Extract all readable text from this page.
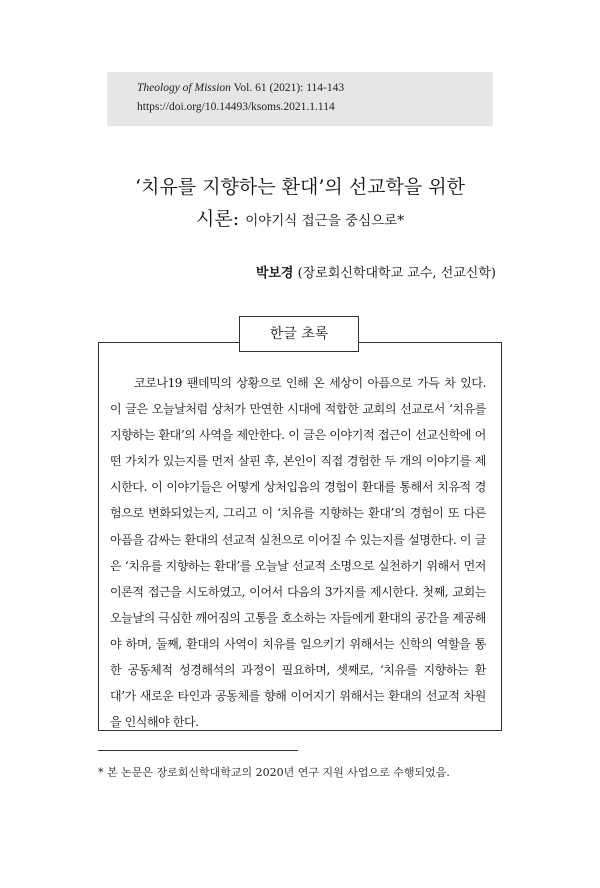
Theology of Mission Vol. 61 (2021): 114-143
https://doi.org/10.14493/ksoms.2021.1.114
‘치유를 지향하는 환대’의 선교학을 위한
시론: 이야기식 접근을 중심으로*
박보경 (장로회신학대학교 교수, 선교신학)
한글 초록

코로나19 팬데믹의 상황으로 인해 온 세상이 아픔으로 가득 차 있다. 이 글은 오늘날처럼 상처가 만연한 시대에 적합한 교회의 선교로서 ‘치유를 지향하는 환대’의 사역을 제안한다. 이 글은 이야기적 접근이 선교신학에 어떤 가치가 있는지를 먼저 살핀 후, 본인이 직접 경험한 두 개의 이야기를 제시한다. 이 이야기들은 어떻게 상처입음의 경험이 환대를 통해서 치유적 경험으로 변화되었는지, 그리고 이 ‘치유를 지향하는 환대’의 경험이 또 다른 아픔을 감싸는 환대의 선교적 실천으로 이어질 수 있는지를 설명한다. 이 글은 ‘치유를 지향하는 환대’를 오늘날 선교적 소명으로 실천하기 위해서 먼저 이론적 접근을 시도하였고, 이어서 다음의 3가지를 제시한다. 첫째, 교회는 오늘날의 극심한 깨어짐의 고통을 호소하는 자들에게 환대의 공간을 제공해야 하며, 둘째, 환대의 사역이 치유를 일으키기 위해서는 신학의 역할을 통한 공동체적 성경해석의 과정이 필요하며, 셋째로, ‘치유를 지향하는 환대’가 새로운 타인과 공동체를 향해 이어지기 위해서는 환대의 선교적 차원을 인식해야 한다.

* 본 논문은 장로회신학대학교의 2020년 연구 지원 사업으로 수행되었음.
